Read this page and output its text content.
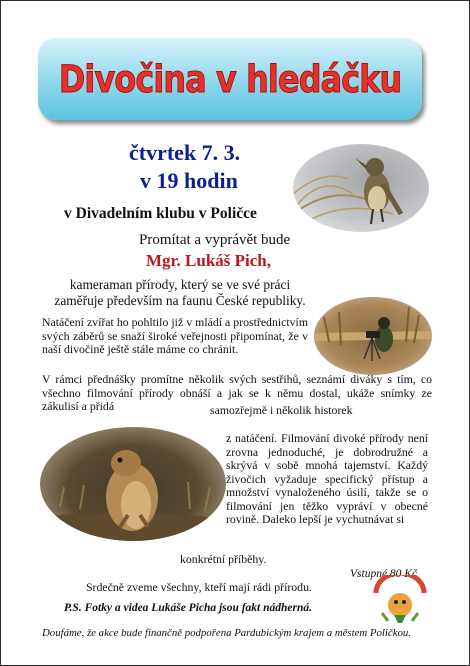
Divočina v hledáčku
čtvrtek 7. 3.
v 19 hodin
v Divadelním klubu v Poličce
Promítat a vyprávět bude
Mgr. Lukáš Pich,
kameraman přírody, který se ve své práci zaměřuje především na faunu České republiky.
Natáčení zvířat ho pohltilo již v mládí a prostřednictvím svých záběrů se snaží široké veřejnosti připomínat, že v naší divočině ještě stále máme co chránit.
V rámci přednášky promítne několik svých sestřihů, seznámí diváky s tím, co všechno filmování přírody obnáší a jak se k němu dostal, ukáže snímky ze zákulisí a přidá	samozřejmě i několik historek
z natáčení. Filmování divoké přírody není zrovna jednoduché, je dobrodružné a skrývá v sobě mnohá tajemství. Každý živočich vyžaduje specifický přístup a množství vynaloženého úsilí, takže se o filmování jen těžko vypráví v obecné rovině. Daleko lepší je vychutnávat si
konkrétní příběhy.
Vstupné 80 Kč
Srdečně zveme všechny, kteří mají rádi přírodu.
P.S. Fotky a videa Lukáše Picha jsou fakt nádherná.
Doufáme, že akce bude finančně podpořena Pardubickým krajem a městem Poličkou.
